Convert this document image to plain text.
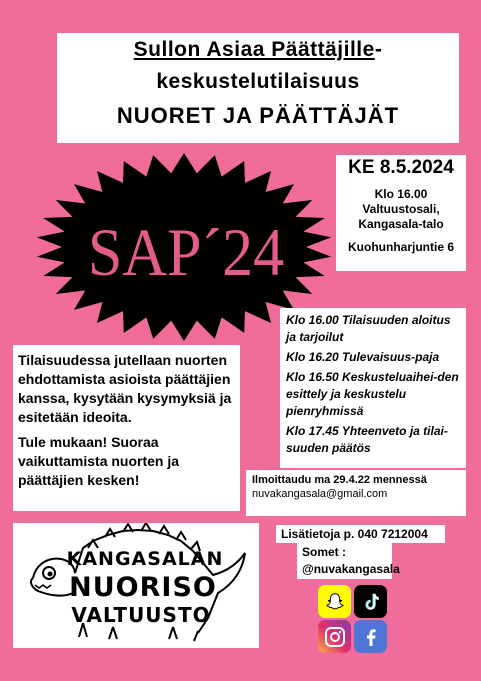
Sullon Asiaa Päättäjille-
keskustelutilaisuus
NUORET JA PÄÄTTÄJÄT
SAP´24
KE 8.5.2024
Klo 16.00
Valtuustosali,
Kangasala-talo
Kuohunharjuntie 6

Tilaisuudessa jutellaan nuorten ehdottamista asioista päättäjien kanssa, kysytään kysymyksiä ja esitetään ideoita.

Tule mukaan! Suoraa vaikuttamista nuorten ja päättäjien kesken!

Klo 16.00 Tilaisuuden aloitus ja tarjoilut

Klo 16.20 Tulevaisuus-paja

Klo 16.50 Keskusteluaihei-den esittely ja keskustelu pienryhmissä

Klo 17.45 Yhteenveto ja tilai-suuden päätös

Ilmoittaudu ma 29.4.22 mennessä
nuvakangasala@gmail.com
Lisätietoja p. 040 7212004
Somet :
@nuvakangasala
KANGASALAN
NUORISO
VALTUUSTO
